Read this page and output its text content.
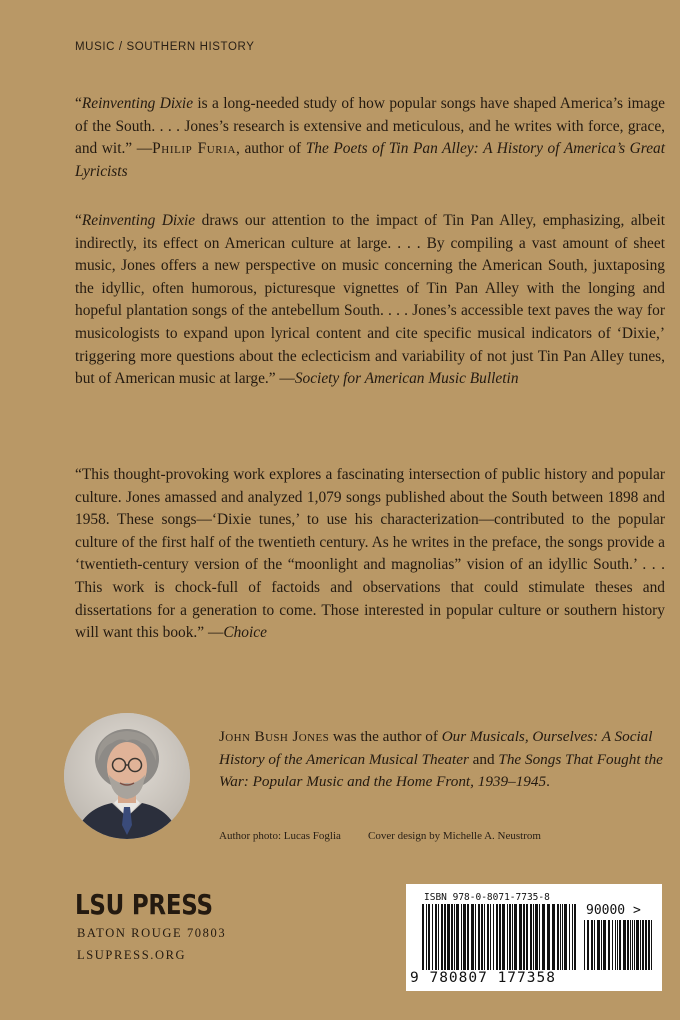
MUSIC / SOUTHERN HISTORY

“Reinventing Dixie is a long-needed study of how popular songs have shaped America’s image of the South. . . . Jones’s research is extensive and meticulous, and he writes with force, grace, and wit.” —Philip Furia, author of The Poets of Tin Pan Alley: A History of America’s Great Lyricists

“Reinventing Dixie draws our attention to the impact of Tin Pan Alley, emphasizing, albeit indirectly, its effect on American culture at large. . . . By compiling a vast amount of sheet music, Jones offers a new perspective on music concerning the American South, juxtaposing the idyllic, often humorous, picturesque vignettes of Tin Pan Alley with the longing and hopeful plantation songs of the antebellum South. . . . Jones’s accessible text paves the way for musicologists to expand upon lyrical content and cite specific musical indicators of ‘Dixie,’ triggering more questions about the eclecticism and variability of not just Tin Pan Alley tunes, but of American music at large.” —Society for American Music Bulletin

“This thought-provoking work explores a fascinating intersection of public history and popular culture. Jones amassed and analyzed 1,079 songs published about the South between 1898 and 1958. These songs—‘Dixie tunes,’ to use his characterization—contributed to the popular culture of the first half of the twentieth century. As he writes in the preface, the songs provide a ‘twentieth-century version of the “moonlight and magnolias” vision of an idyllic South.’ . . . This work is chock-full of factoids and observations that could stimulate theses and dissertations for a generation to come. Those interested in popular culture or southern history will want this book.” —Choice

John Bush Jones was the author of Our Musicals, Ourselves: A Social History of the American Musical Theater and The Songs That Fought the War: Popular Music and the Home Front, 1939–1945.

Author photo: Lucas Foglia Cover design by Michelle A. Neustrom
LSU PRESS
BATON ROUGE 70803
LSUPRESS.ORG
ISBN 978-0-8071-7735-8
90000 >
9 780807 177358
